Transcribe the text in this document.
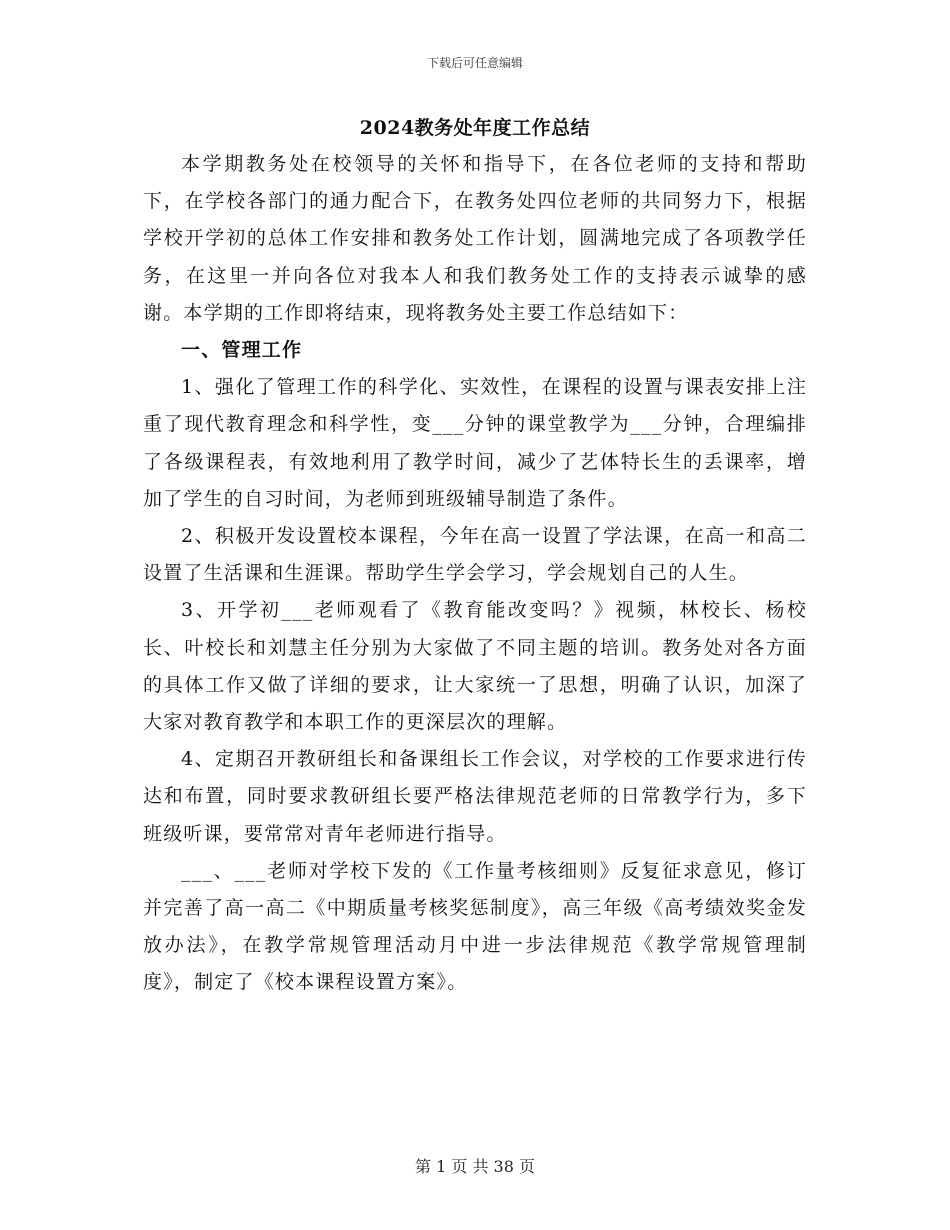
下载后可任意编辑
2024教务处年度工作总结

本学期教务处在校领导的关怀和指导下，在各位老师的支持和帮助下，在学校各部门的通力配合下，在教务处四位老师的共同努力下，根据学校开学初的总体工作安排和教务处工作计划，圆满地完成了各项教学任务，在这里一并向各位对我本人和我们教务处工作的支持表示诚挚的感谢。本学期的工作即将结束，现将教务处主要工作总结如下：

一、管理工作

1、强化了管理工作的科学化、实效性，在课程的设置与课表安排上注重了现代教育理念和科学性，变___分钟的课堂教学为___分钟，合理编排了各级课程表，有效地利用了教学时间，减少了艺体特长生的丢课率，增加了学生的自习时间，为老师到班级辅导制造了条件。

2、积极开发设置校本课程，今年在高一设置了学法课，在高一和高二设置了生活课和生涯课。帮助学生学会学习，学会规划自己的人生。

3、开学初___老师观看了《教育能改变吗？》视频，林校长、杨校长、叶校长和刘慧主任分别为大家做了不同主题的培训。教务处对各方面的具体工作又做了详细的要求，让大家统一了思想，明确了认识，加深了大家对教育教学和本职工作的更深层次的理解。

4、定期召开教研组长和备课组长工作会议，对学校的工作要求进行传达和布置，同时要求教研组长要严格法律规范老师的日常教学行为，多下班级听课，要常常对青年老师进行指导。

___、___老师对学校下发的《工作量考核细则》反复征求意见，修订并完善了高一高二《中期质量考核奖惩制度》，高三年级《高考绩效奖金发放办法》，在教学常规管理活动月中进一步法律规范《教学常规管理制度》，制定了《校本课程设置方案》。

第 1 页 共 38 页
